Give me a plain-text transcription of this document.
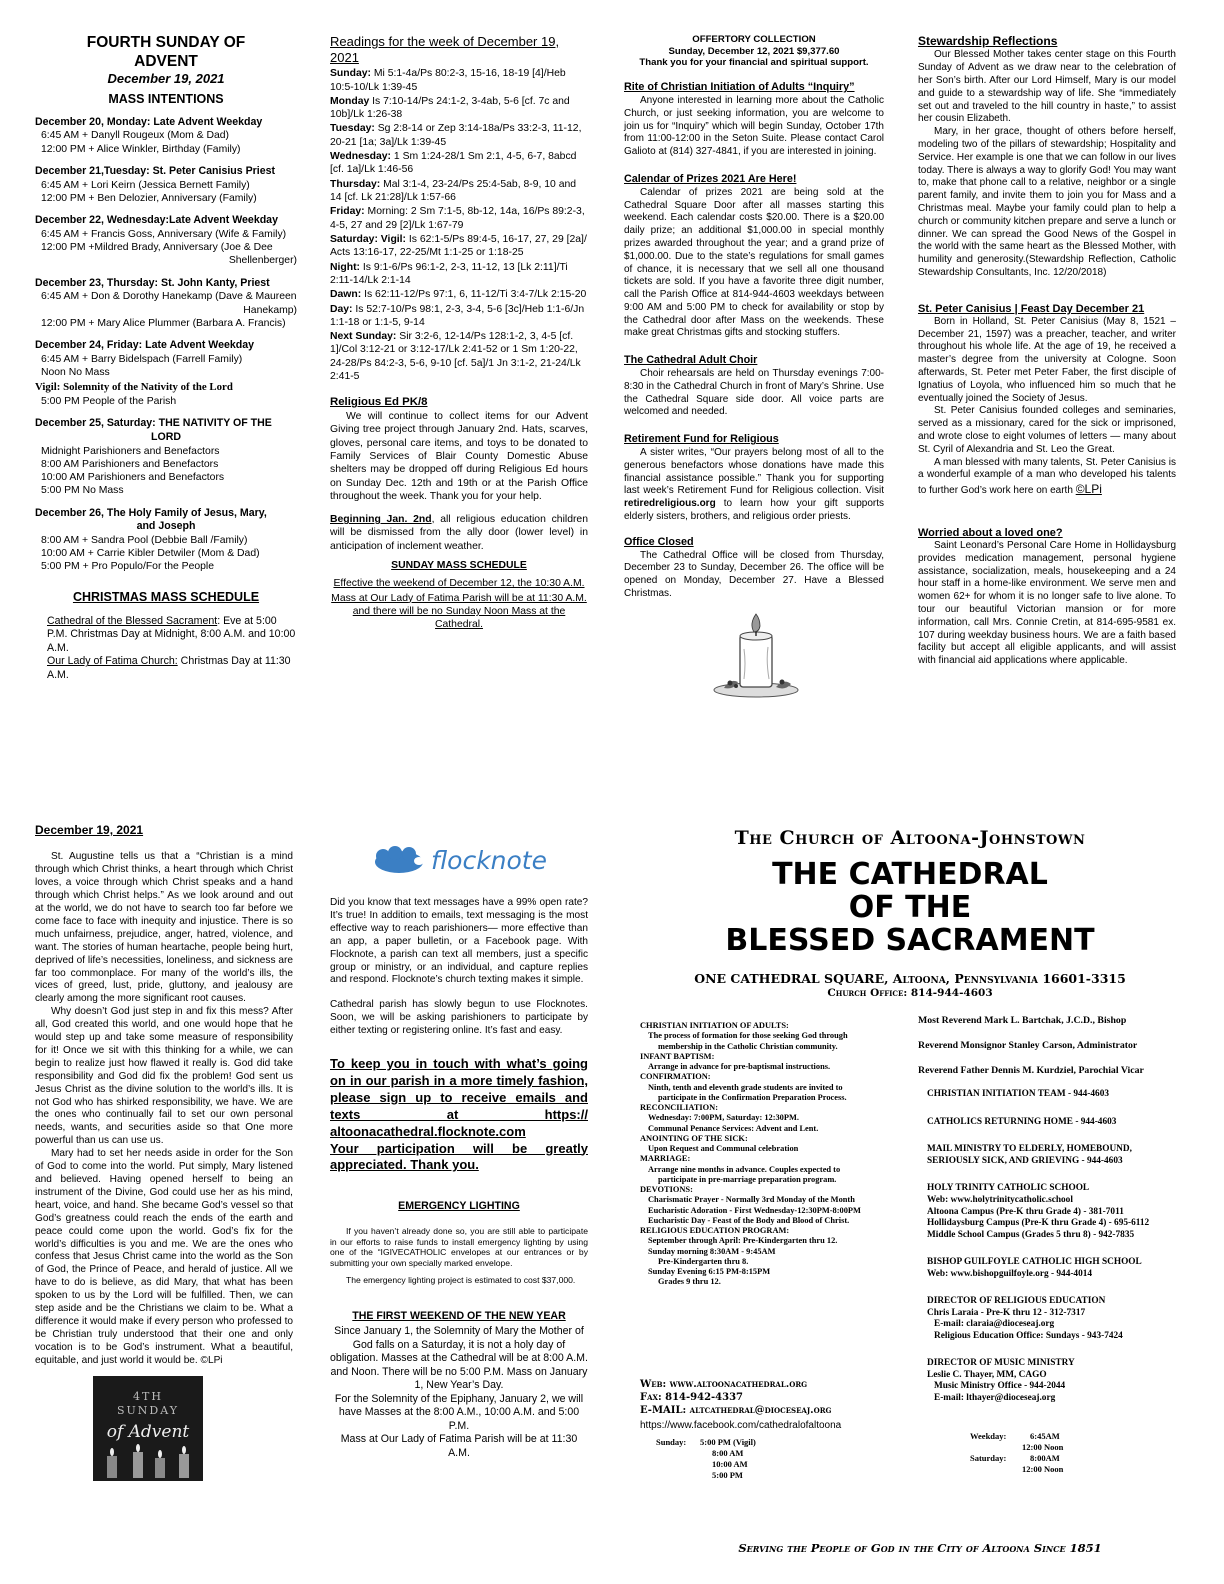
FOURTH SUNDAY OF
ADVENT
December 19, 2021
MASS INTENTIONS
December 20, Monday: Late Advent Weekday
6:45 AM + Danyll Rougeux (Mom & Dad)
12:00 PM + Alice Winkler, Birthday (Family)
December 21,Tuesday: St. Peter Canisius Priest
6:45 AM + Lori Keirn (Jessica Bernett Family)
12:00 PM + Ben Delozier, Anniversary (Family)
December 22, Wednesday:Late Advent Weekday
6:45 AM + Francis Goss, Anniversary (Wife & Family)
12:00 PM +Mildred Brady, Anniversary (Joe & Dee
Shellenberger)
December 23, Thursday: St. John Kanty, Priest
6:45 AM + Don & Dorothy Hanekamp (Dave & Maureen
Hanekamp)
12:00 PM + Mary Alice Plummer (Barbara A. Francis)
December 24, Friday: Late Advent Weekday
6:45 AM + Barry Bidelspach (Farrell Family)
Noon No Mass
Vigil: Solemnity of the Nativity of the Lord
5:00 PM People of the Parish
December 25, Saturday: THE NATIVITY OF THE
LORD
Midnight Parishioners and Benefactors
8:00 AM Parishioners and Benefactors
10:00 AM Parishioners and Benefactors
5:00 PM No Mass
December 26, The Holy Family of Jesus, Mary,
and Joseph
8:00 AM + Sandra Pool (Debbie Ball /Family)
10:00 AM + Carrie Kibler Detwiler (Mom & Dad)
5:00 PM + Pro Populo/For the People
CHRISTMAS MASS SCHEDULE

Cathedral of the Blessed Sacrament: Eve at 5:00 P.M. Christmas Day at Midnight, 8:00 A.M. and 10:00 A.M.

Our Lady of Fatima Church: Christmas Day at 11:30 A.M.

Readings for the week of December 19, 2021

Sunday: Mi 5:1-4a/Ps 80:2-3, 15-16, 18-19 [4]/Heb 10:5-10/Lk 1:39-45

Monday Is 7:10-14/Ps 24:1-2, 3-4ab, 5-6 [cf. 7c and 10b]/Lk 1:26-38

Tuesday: Sg 2:8-14 or Zep 3:14-18a/Ps 33:2-3, 11-12, 20-21 [1a; 3a]/Lk 1:39-45

Wednesday: 1 Sm 1:24-28/1 Sm 2:1, 4-5, 6-7, 8abcd [cf. 1a]/Lk 1:46-56

Thursday: Mal 3:1-4, 23-24/Ps 25:4-5ab, 8-9, 10 and 14 [cf. Lk 21:28]/Lk 1:57-66

Friday: Morning: 2 Sm 7:1-5, 8b-12, 14a, 16/Ps 89:2-3, 4-5, 27 and 29 [2]/Lk 1:67-79

Saturday: Vigil: Is 62:1-5/Ps 89:4-5, 16-17, 27, 29 [2a]/ Acts 13:16-17, 22-25/Mt 1:1-25 or 1:18-25

Night: Is 9:1-6/Ps 96:1-2, 2-3, 11-12, 13 [Lk 2:11]/Ti 2:11-14/Lk 2:1-14

Dawn: Is 62:11-12/Ps 97:1, 6, 11-12/Ti 3:4-7/Lk 2:15-20

Day: Is 52:7-10/Ps 98:1, 2-3, 3-4, 5-6 [3c]/Heb 1:1-6/Jn 1:1-18 or 1:1-5, 9-14

Next Sunday: Sir 3:2-6, 12-14/Ps 128:1-2, 3, 4-5 [cf. 1]/Col 3:12-21 or 3:12-17/Lk 2:41-52 or 1 Sm 1:20-22, 24-28/Ps 84:2-3, 5-6, 9-10 [cf. 5a]/1 Jn 3:1-2, 21-24/Lk 2:41-5

Religious Ed PK/8

We will continue to collect items for our Advent Giving tree project through January 2nd. Hats, scarves, gloves, personal care items, and toys to be donated to Family Services of Blair County Domestic Abuse shelters may be dropped off during Religious Ed hours on Sunday Dec. 12th and 19th or at the Parish Office throughout the week. Thank you for your help.

Beginning Jan. 2nd, all religious education children will be dismissed from the ally door (lower level) in anticipation of inclement weather.

SUNDAY MASS SCHEDULE

Effective the weekend of December 12, the 10:30 A.M.

Mass at Our Lady of Fatima Parish will be at 11:30 A.M. and there will be no Sunday Noon Mass at the Cathedral.

OFFERTORY COLLECTION
Sunday, December 12, 2021 $9,377.60
Thank you for your financial and spiritual support.
Rite of Christian Initiation of Adults “Inquiry”

Anyone interested in learning more about the Catholic Church, or just seeking information, you are welcome to join us for “Inquiry” which will begin Sunday, October 17th from 11:00-12:00 in the Seton Suite. Please contact Carol Galioto at (814) 327-4841, if you are interested in joining.

Calendar of Prizes 2021 Are Here!

Calendar of prizes 2021 are being sold at the Cathedral Square Door after all masses starting this weekend. Each calendar costs $20.00. There is a $20.00 daily prize; an additional $1,000.00 in special monthly prizes awarded throughout the year; and a grand prize of $1,000.00. Due to the state’s regulations for small games of chance, it is necessary that we sell all one thousand tickets are sold. If you have a favorite three digit number, call the Parish Office at 814-944-4603 weekdays between 9:00 AM and 5:00 PM to check for availability or stop by the Cathedral door after Mass on the weekends. These make great Christmas gifts and stocking stuffers.

The Cathedral Adult Choir

Choir rehearsals are held on Thursday evenings 7:00-8:30 in the Cathedral Church in front of Mary’s Shrine. Use the Cathedral Square side door. All voice parts are welcomed and needed.

Retirement Fund for Religious

A sister writes, “Our prayers belong most of all to the generous benefactors whose donations have made this financial assistance possible.” Thank you for supporting last week’s Retirement Fund for Religious collection. Visit retiredreligious.org to learn how your gift supports elderly sisters, brothers, and religious order priests.

Office Closed

The Cathedral Office will be closed from Thursday, December 23 to Sunday, December 26. The office will be opened on Monday, December 27. Have a Blessed Christmas.

Stewardship Reflections

Our Blessed Mother takes center stage on this Fourth Sunday of Advent as we draw near to the celebration of her Son’s birth. After our Lord Himself, Mary is our model and guide to a stewardship way of life. She “immediately set out and traveled to the hill country in haste,” to assist her cousin Elizabeth.

Mary, in her grace, thought of others before herself, modeling two of the pillars of stewardship; Hospitality and Service. Her example is one that we can follow in our lives today. There is always a way to glorify God! You may want to, make that phone call to a relative, neighbor or a single parent family, and invite them to join you for Mass and a Christmas meal. Maybe your family could plan to help a church or community kitchen prepare and serve a lunch or dinner. We can spread the Good News of the Gospel in the world with the same heart as the Blessed Mother, with humility and generosity.(Stewardship Reflection, Catholic Stewardship Consultants, Inc. 12/20/2018)

St. Peter Canisius | Feast Day December 21

Born in Holland, St. Peter Canisius (May 8, 1521 – December 21, 1597) was a preacher, teacher, and writer throughout his whole life. At the age of 19, he received a master’s degree from the university at Cologne. Soon afterwards, St. Peter met Peter Faber, the first disciple of Ignatius of Loyola, who influenced him so much that he eventually joined the Society of Jesus.

St. Peter Canisius founded colleges and seminaries, served as a missionary, cared for the sick or imprisoned, and wrote close to eight volumes of letters — many about St. Cyril of Alexandria and St. Leo the Great.

A man blessed with many talents, St. Peter Canisius is a wonderful example of a man who developed his talents to further God’s work here on earth ©LPi

Worried about a loved one?

Saint Leonard’s Personal Care Home in Hollidaysburg provides medication management, personal hygiene assistance, socialization, meals, housekeeping and a 24 hour staff in a home-like environment. We serve men and women 62+ for whom it is no longer safe to live alone. To tour our beautiful Victorian mansion or for more information, call Mrs. Connie Cretin, at 814-695-9581 ex. 107 during weekday business hours. We are a faith based facility but accept all eligible applicants, and will assist with financial aid applications where applicable.

December 19, 2021

St. Augustine tells us that a “Christian is a mind through which Christ thinks, a heart through which Christ loves, a voice through which Christ speaks and a hand through which Christ helps.” As we look around and out at the world, we do not have to search too far before we come face to face with inequity and injustice. There is so much unfairness, prejudice, anger, hatred, violence, and want. The stories of human heartache, people being hurt, deprived of life’s necessities, loneliness, and sickness are far too commonplace. For many of the world’s ills, the vices of greed, lust, pride, gluttony, and jealousy are clearly among the more significant root causes.

Why doesn’t God just step in and fix this mess? After all, God created this world, and one would hope that he would step up and take some measure of responsibility for it! Once we sit with this thinking for a while, we can begin to realize just how flawed it really is. God did take responsibility and God did fix the problem! God sent us Jesus Christ as the divine solution to the world’s ills. It is not God who has shirked responsibility, we have. We are the ones who continually fail to set our own personal needs, wants, and securities aside so that One more powerful than us can use us.

Mary had to set her needs aside in order for the Son of God to come into the world. Put simply, Mary listened and believed. Having opened herself to being an instrument of the Divine, God could use her as his mind, heart, voice, and hand. She became God’s vessel so that God’s greatness could reach the ends of the earth and peace could come upon the world. God’s fix for the world’s difficulties is you and me. We are the ones who confess that Jesus Christ came into the world as the Son of God, the Prince of Peace, and herald of justice. All we have to do is believe, as did Mary, that what has been spoken to us by the Lord will be fulfilled. Then, we can step aside and be the Christians we claim to be. What a difference it would make if every person who professed to be Christian truly understood that their one and only vocation is to be God’s instrument. What a beautiful, equitable, and just world it would be. ©LPi

4TH
SUNDAY
of Advent
flocknote

Did you know that text messages have a 99% open rate? It’s true! In addition to emails, text messaging is the most effective way to reach parishioners— more effective than an app, a paper bulletin, or a Facebook page. With Flocknote, a parish can text all members, just a specific group or ministry, or an individual, and capture replies and respond. Flocknote’s church texting makes it simple.

Cathedral parish has slowly begun to use Flocknotes. Soon, we will be asking parishioners to participate by either texting or registering online. It’s fast and easy.

To keep you in touch with what’s going on in our parish in a more timely fashion, please sign up to receive emails and texts at https:// altoonacathedral.flocknote.com

Your participation will be greatly appreciated. Thank you.

EMERGENCY LIGHTING

If you haven’t already done so, you are still able to participate in our efforts to raise funds to install emergency lighting by using one of the “IGIVECATHOLIC envelopes at our entrances or by submitting your own specially marked envelope.

The emergency lighting project is estimated to cost $37,000.

THE FIRST WEEKEND OF THE NEW YEAR

Since January 1, the Solemnity of Mary the Mother of God falls on a Saturday, it is not a holy day of obligation. Masses at the Cathedral will be at 8:00 A.M. and Noon. There will be no 5:00 P.M. Mass on January 1, New Year’s Day.

For the Solemnity of the Epiphany, January 2, we will have Masses at the 8:00 A.M., 10:00 A.M. and 5:00 P.M.

Mass at Our Lady of Fatima Parish will be at 11:30 A.M.

The Church of Altoona-Johnstown
THE CATHEDRAL
OF THE
BLESSED SACRAMENT
ONE CATHEDRAL SQUARE, Altoona, Pennsylvania 16601-3315
Church Office: 814-944-4603
CHRISTIAN INITIATION OF ADULTS:
The process of formation for those seeking God through
membership in the Catholic Christian community.
INFANT BAPTISM:
Arrange in advance for pre-baptismal instructions.
CONFIRMATION:
Ninth, tenth and eleventh grade students are invited to
participate in the Confirmation Preparation Process.
RECONCILIATION:
Wednesday: 7:00PM, Saturday: 12:30PM.
Communal Penance Services: Advent and Lent.
ANOINTING OF THE SICK:
Upon Request and Communal celebration
MARRIAGE:
Arrange nine months in advance. Couples expected to
participate in pre-marriage preparation program.
DEVOTIONS:
Charismatic Prayer - Normally 3rd Monday of the Month
Eucharistic Adoration - First Wednesday-12:30PM-8:00PM
Eucharistic Day - Feast of the Body and Blood of Christ.
RELIGIOUS EDUCATION PROGRAM:
September through April: Pre-Kindergarten thru 12.
Sunday morning 8:30AM - 9:45AM
Pre-Kindergarten thru 8.
Sunday Evening 6:15 PM-8:15PM
Grades 9 thru 12.
Web: www.altoonacathedral.org
Fax: 814-942-4337
E-MAIL: altcathedral@dioceseaj.org
https://www.facebook.com/cathedralofaltoona
Sunday:	5:00 PM (Vigil)
8:00 AM
10:00 AM
5:00 PM
Most Reverend Mark L. Bartchak, J.C.D., Bishop
Reverend Monsignor Stanley Carson, Administrator
Reverend Father Dennis M. Kurdziel, Parochial Vicar
CHRISTIAN INITIATION TEAM - 944-4603
CATHOLICS RETURNING HOME - 944-4603
MAIL MINISTRY TO ELDERLY, HOMEBOUND,
SERIOUSLY SICK, AND GRIEVING - 944-4603
HOLY TRINITY CATHOLIC SCHOOL
Web: www.holytrinitycatholic.school
Altoona Campus (Pre-K thru Grade 4) - 381-7011
Hollidaysburg Campus (Pre-K thru Grade 4) - 695-6112
Middle School Campus (Grades 5 thru 8) - 942-7835
BISHOP GUILFOYLE CATHOLIC HIGH SCHOOL
Web: www.bishopguilfoyle.org - 944-4014
DIRECTOR OF RELIGIOUS EDUCATION
Chris Laraia - Pre-K thru 12 - 312-7317
E-mail: claraia@dioceseaj.org
Religious Education Office: Sundays - 943-7424
DIRECTOR OF MUSIC MINISTRY
Leslie C. Thayer, MM, CAGO
Music Ministry Office - 944-2044
E-mail: lthayer@dioceseaj.org
Weekday:	6:45AM
12:00 Noon
Saturday:	8:00AM
12:00 Noon
Serving the People of God in the City of Altoona Since 1851
